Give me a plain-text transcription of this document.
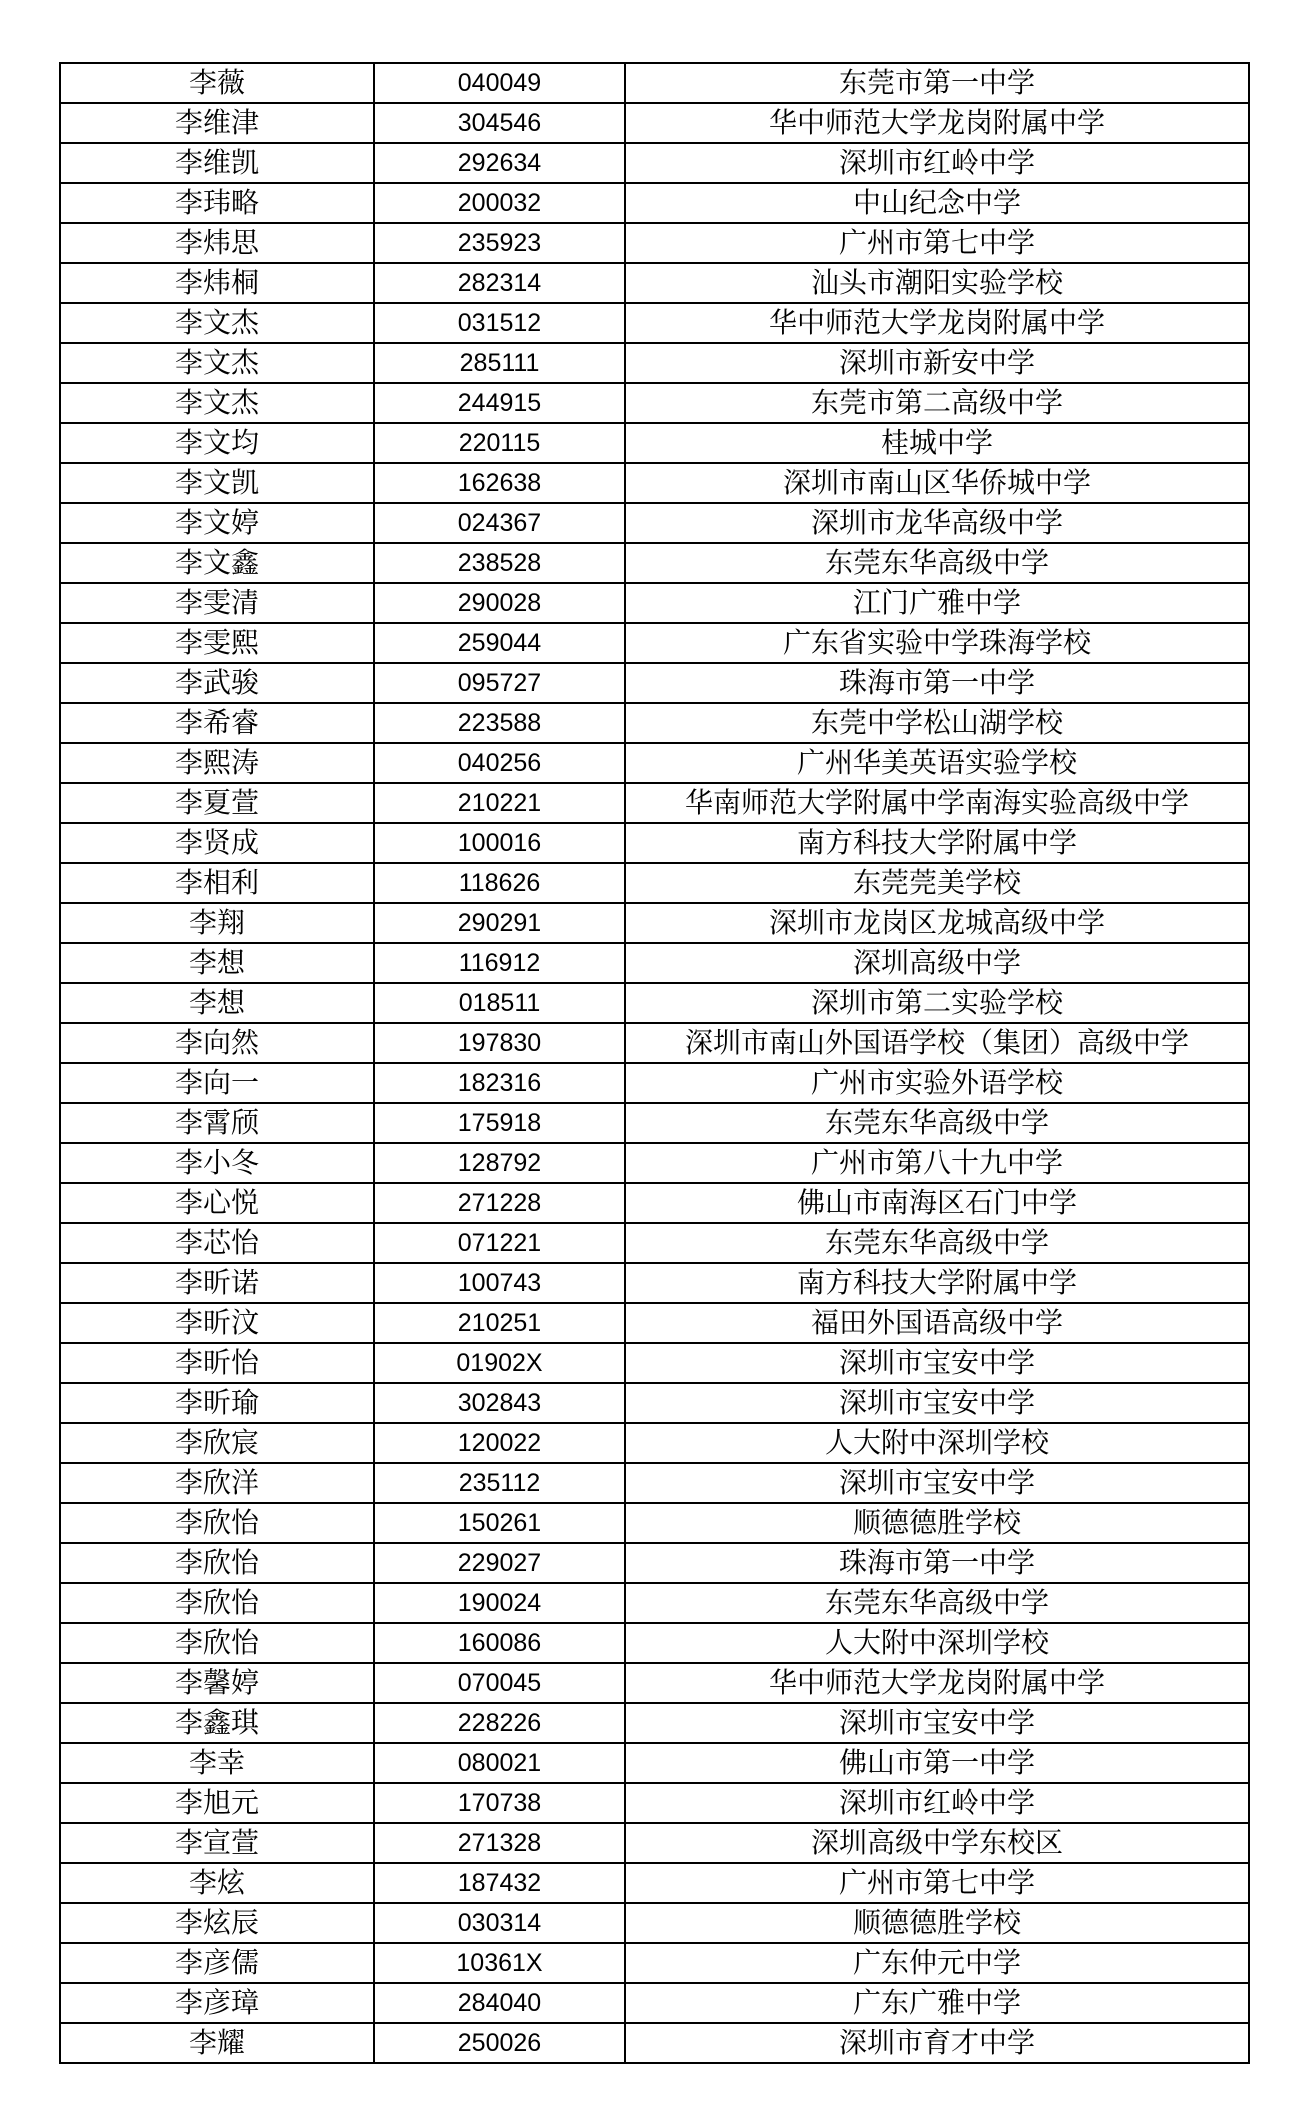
李薇	040049	东莞市第一中学
李维津	304546	华中师范大学龙岗附属中学
李维凯	292634	深圳市红岭中学
李玮略	200032	中山纪念中学
李炜思	235923	广州市第七中学
李炜桐	282314	汕头市潮阳实验学校
李文杰	031512	华中师范大学龙岗附属中学
李文杰	285111	深圳市新安中学
李文杰	244915	东莞市第二高级中学
李文均	220115	桂城中学
李文凯	162638	深圳市南山区华侨城中学
李文婷	024367	深圳市龙华高级中学
李文鑫	238528	东莞东华高级中学
李雯清	290028	江门广雅中学
李雯熙	259044	广东省实验中学珠海学校
李武骏	095727	珠海市第一中学
李希睿	223588	东莞中学松山湖学校
李熙涛	040256	广州华美英语实验学校
李夏萱	210221	华南师范大学附属中学南海实验高级中学
李贤成	100016	南方科技大学附属中学
李相利	118626	东莞莞美学校
李翔	290291	深圳市龙岗区龙城高级中学
李想	116912	深圳高级中学
李想	018511	深圳市第二实验学校
李向然	197830	深圳市南山外国语学校（集团）高级中学
李向一	182316	广州市实验外语学校
李霄颀	175918	东莞东华高级中学
李小冬	128792	广州市第八十九中学
李心悦	271228	佛山市南海区石门中学
李芯怡	071221	东莞东华高级中学
李昕诺	100743	南方科技大学附属中学
李昕汶	210251	福田外国语高级中学
李昕怡	01902X	深圳市宝安中学
李昕瑜	302843	深圳市宝安中学
李欣宸	120022	人大附中深圳学校
李欣洋	235112	深圳市宝安中学
李欣怡	150261	顺德德胜学校
李欣怡	229027	珠海市第一中学
李欣怡	190024	东莞东华高级中学
李欣怡	160086	人大附中深圳学校
李馨婷	070045	华中师范大学龙岗附属中学
李鑫琪	228226	深圳市宝安中学
李幸	080021	佛山市第一中学
李旭元	170738	深圳市红岭中学
李宣萱	271328	深圳高级中学东校区
李炫	187432	广州市第七中学
李炫辰	030314	顺德德胜学校
李彦儒	10361X	广东仲元中学
李彦璋	284040	广东广雅中学
李耀	250026	深圳市育才中学
